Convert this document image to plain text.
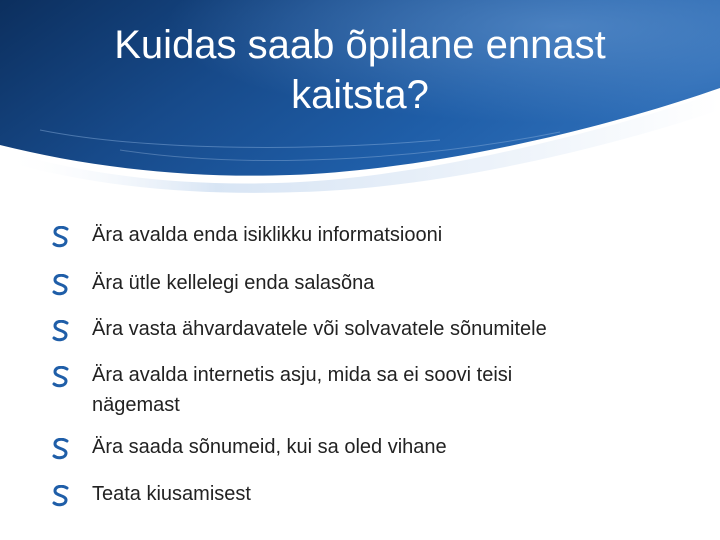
Kuidas saab õpilane ennast
kaitsta?
Ära avalda enda isiklikku informatsiooni
Ära ütle kellelegi enda salasõna
Ära vasta ähvardavatele või solvavatele sõnumitele
Ära avalda internetis asju, mida sa ei soovi teisi
nägemast
Ära saada sõnumeid, kui sa oled vihane
Teata kiusamisest
